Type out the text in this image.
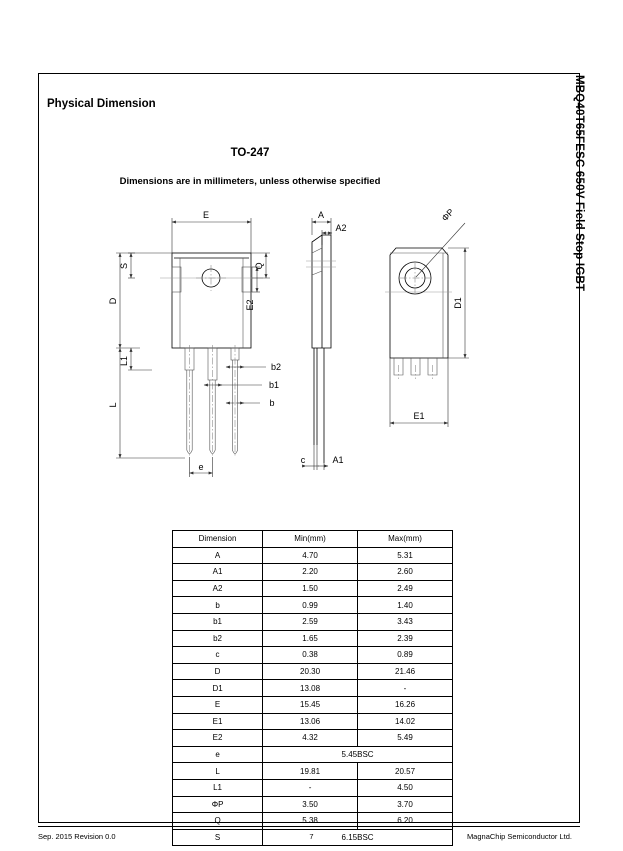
MBQ40T65FESC 650V Field Stop IGBT
Physical Dimension
TO-247
Dimensions are in millimeters, unless otherwise specified
E
Q
E2
S
D
L1
L
b2
b1
b
e
A
A2
c	A1
ΦP
D1
E1
Dimension	Min(mm)	Max(mm)
A	4.70	5.31
A1	2.20	2.60
A2	1.50	2.49
b	0.99	1.40
b1	2.59	3.43
b2	1.65	2.39
c	0.38	0.89
D	20.30	21.46
D1	13.08	-
E	15.45	16.26
E1	13.06	14.02
E2	4.32	5.49
e	5.45BSC	
L	19.81	20.57
L1	-	4.50
ΦP	3.50	3.70
Q	5.38	6.20
S	6.15BSC	
Sep. 2015 Revision 0.0	7	MagnaChip Semiconductor Ltd.
